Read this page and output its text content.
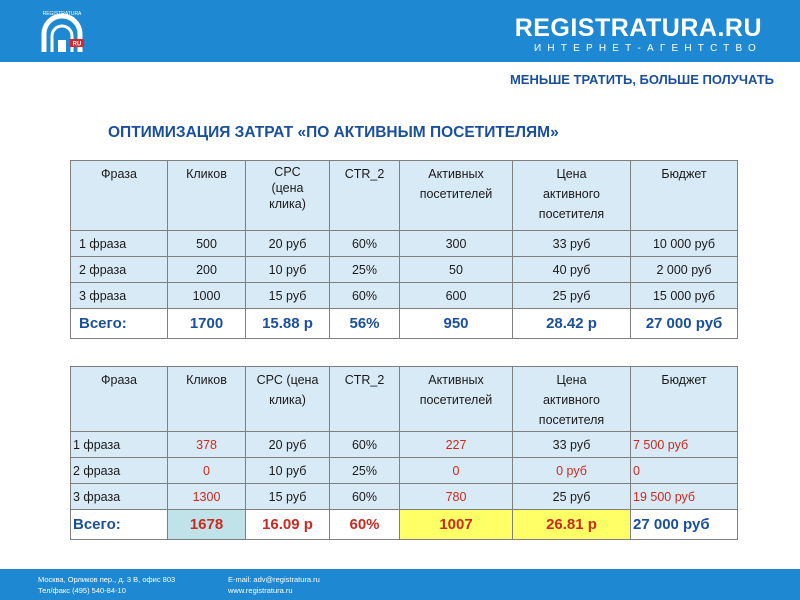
RU
REGISTRATURA	REGISTRATURA.RU
ИНТЕРНЕТ-АГЕНТСТВО
МЕНЬШЕ ТРАТИТЬ, БОЛЬШЕ ПОЛУЧАТЬ
ОПТИМИЗАЦИЯ ЗАТРАТ «ПО АКТИВНЫМ ПОСЕТИТЕЛЯМ»
Фраза	Кликов	CPC (цена клика)	CTR_2	Активных посетителей	Цена активного посетителя	Бюджет
1 фраза	500	20 руб	60%	300	33 руб	10 000 руб
2 фраза	200	10 руб	25%	50	40 руб	2 000 руб
3 фраза	1000	15 руб	60%	600	25 руб	15 000 руб
Всего:	1700	15.88 р	56%	950	28.42 р	27 000 руб
Фраза	Кликов	CPC (цена клика)	CTR_2	Активных посетителей	Цена активного посетителя	Бюджет
1 фраза	378	20 руб	60%	227	33 руб	7 500 руб
2 фраза	0	10 руб	25%	0	0 руб	0
3 фраза	1300	15 руб	60%	780	25 руб	19 500 руб
Всего:	1678	16.09 р	60%	1007	26.81 р	27 000 руб
Москва, Орликов пер., д. 3 В, офис 803
Тел/факс (495) 540-84-10
E-mail: adv@registratura.ru
www.registratura.ru
